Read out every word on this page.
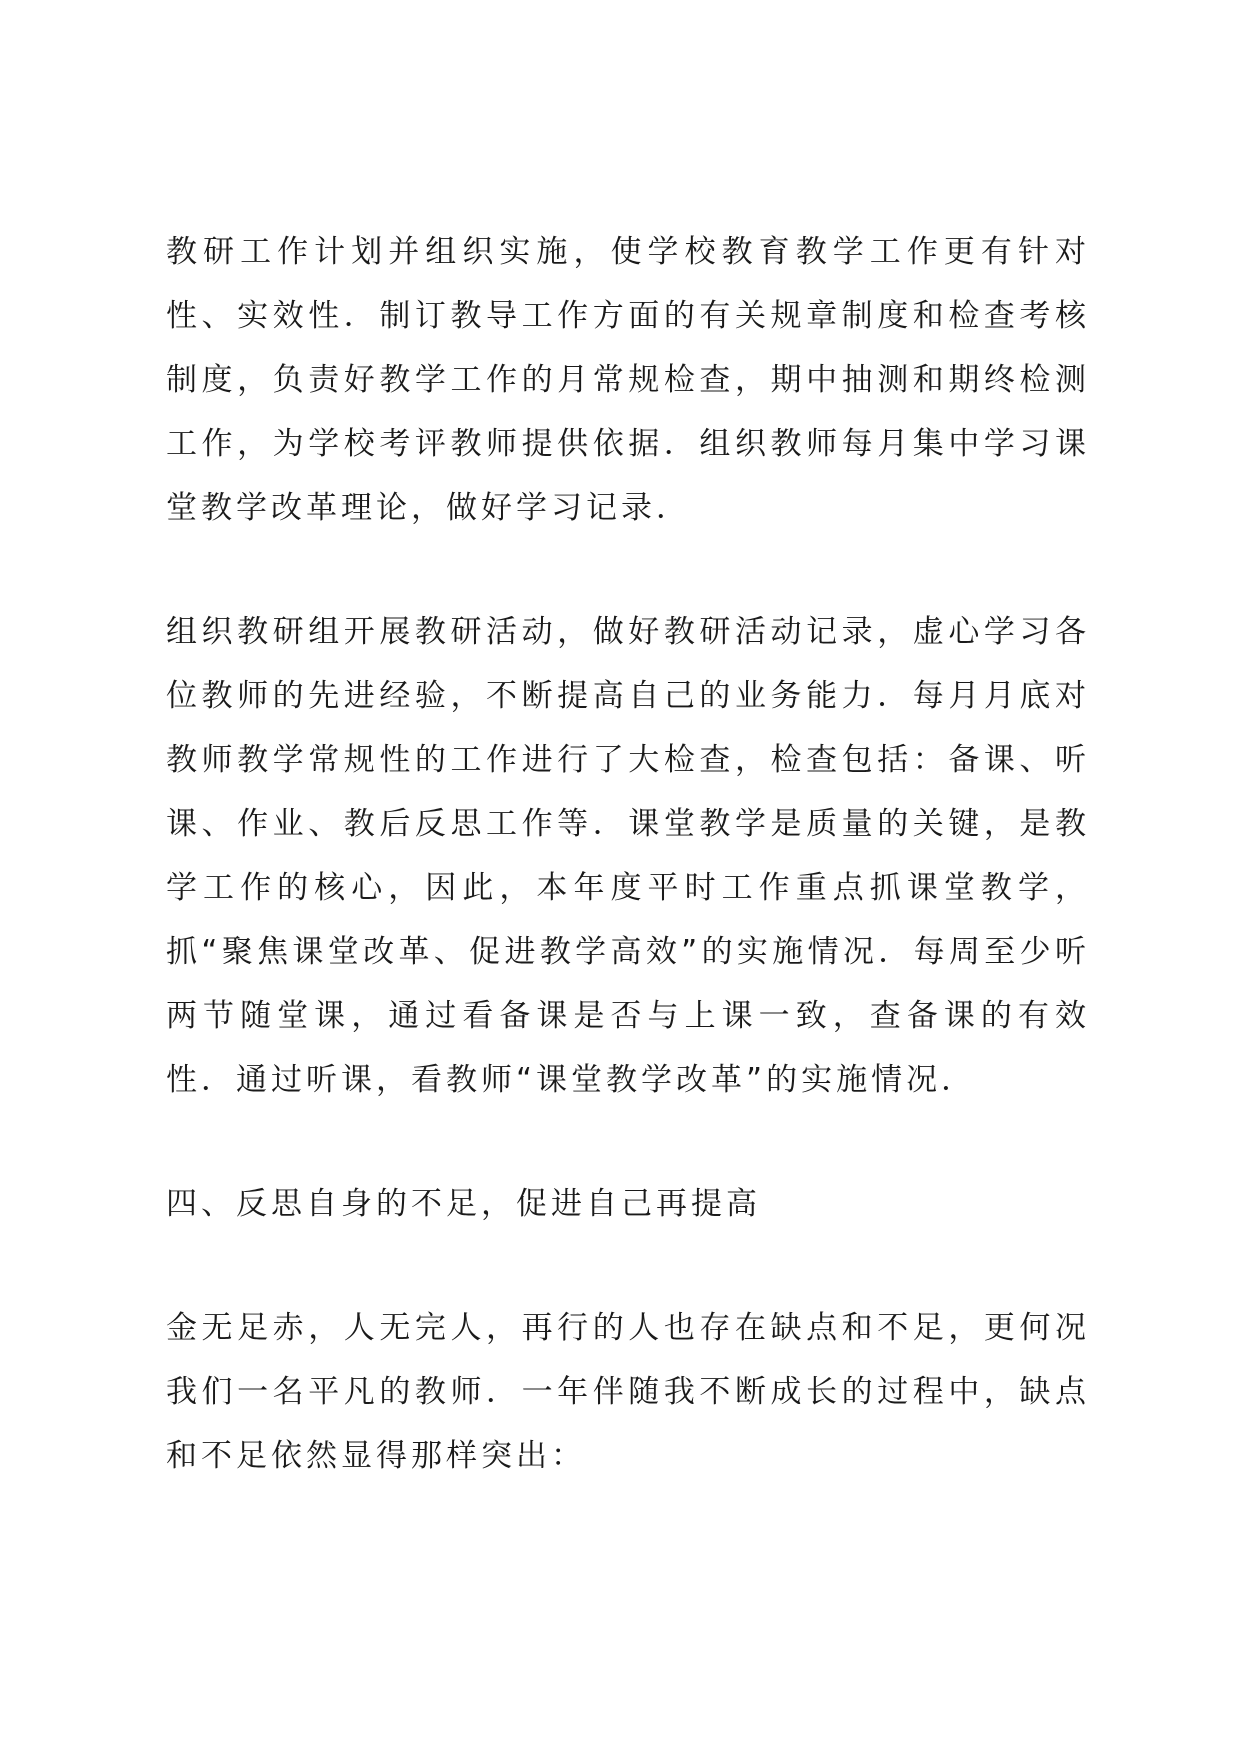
教研工作计划并组织实施，使学校教育教学工作更有针对性、实效性．制订教导工作方面的有关规章制度和检查考核制度，负责好教学工作的月常规检查，期中抽测和期终检测工作，为学校考评教师提供依据．组织教师每月集中学习课堂教学改革理论，做好学习记录．

组织教研组开展教研活动，做好教研活动记录，虚心学习各位教师的先进经验，不断提高自己的业务能力．每月月底对教师教学常规性的工作进行了大检查，检查包括：备课、听课、作业、教后反思工作等．课堂教学是质量的关键，是教学工作的核心，因此，本年度平时工作重点抓课堂教学，抓“聚焦课堂改革、促进教学高效”的实施情况．每周至少听两节随堂课，通过看备课是否与上课一致，查备课的有效性．通过听课，看教师“课堂教学改革”的实施情况．

四、反思自身的不足，促进自己再提高

金无足赤，人无完人，再行的人也存在缺点和不足，更何况我们一名平凡的教师．一年伴随我不断成长的过程中，缺点和不足依然显得那样突出：
